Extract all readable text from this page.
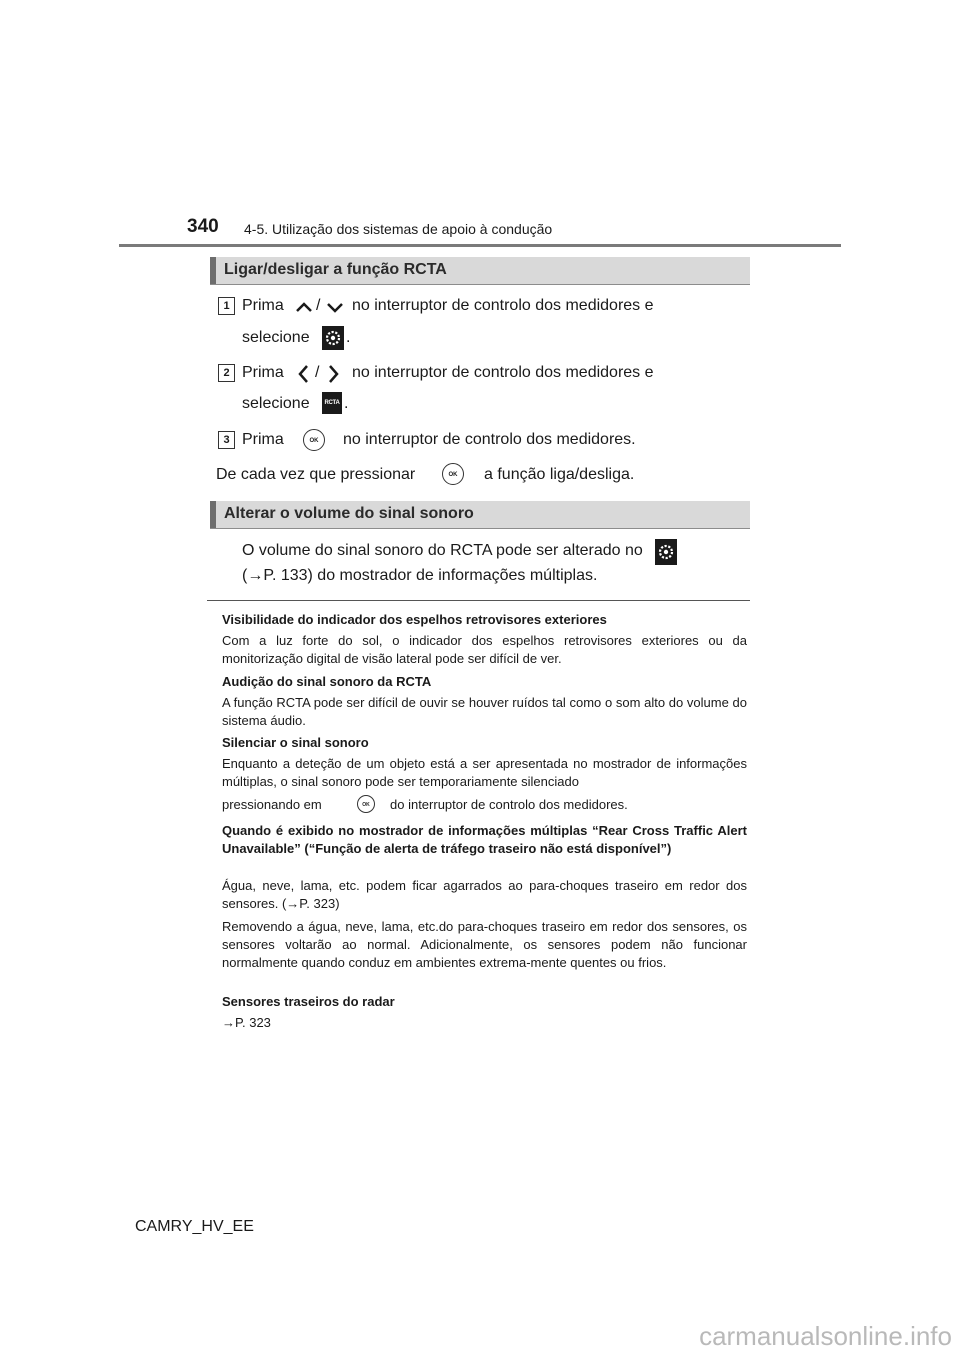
340 4-5. Utilização dos sistemas de apoio à condução
Ligar/desligar a função RCTA
1 Prima / no interruptor de controlo dos medidores e
selecione .
2 Prima / no interruptor de controlo dos medidores e
selecione	RCTA .
3 Prima	OK	no interruptor de controlo dos medidores.
De cada vez que pressionar	OK	a função liga/desliga.
Alterar o volume do sinal sonoro
O volume do sinal sonoro do RCTA pode ser alterado no
(→P. 133) do mostrador de informações múltiplas.
Visibilidade do indicador dos espelhos retrovisores exteriores
Com a luz forte do sol, o indicador dos espelhos retrovisores exteriores ou da monitorização digital de visão lateral pode ser difícil de ver.
Audição do sinal sonoro da RCTA
A função RCTA pode ser difícil de ouvir se houver ruídos tal como o som alto do volume do sistema áudio.
Silenciar o sinal sonoro
Enquanto a deteção de um objeto está a ser apresentada no mostrador de informações múltiplas, o sinal sonoro pode ser temporariamente silenciado
pressionando em	OK	do interruptor de controlo dos medidores.
Quando é exibido no mostrador de informações múltiplas “Rear Cross Traffic Alert Unavailable” (“Função de alerta de tráfego traseiro não está disponível”)
Água, neve, lama, etc. podem ficar agarrados ao para-choques traseiro em redor dos sensores. (→P. 323)
Removendo a água, neve, lama, etc.do para-choques traseiro em redor dos sensores, os sensores voltarão ao normal. Adicionalmente, os sensores podem não funcionar normalmente quando conduz em ambientes extrema-mente quentes ou frios.
Sensores traseiros do radar
→P. 323
CAMRY_HV_EE
carmanualsonline.info
